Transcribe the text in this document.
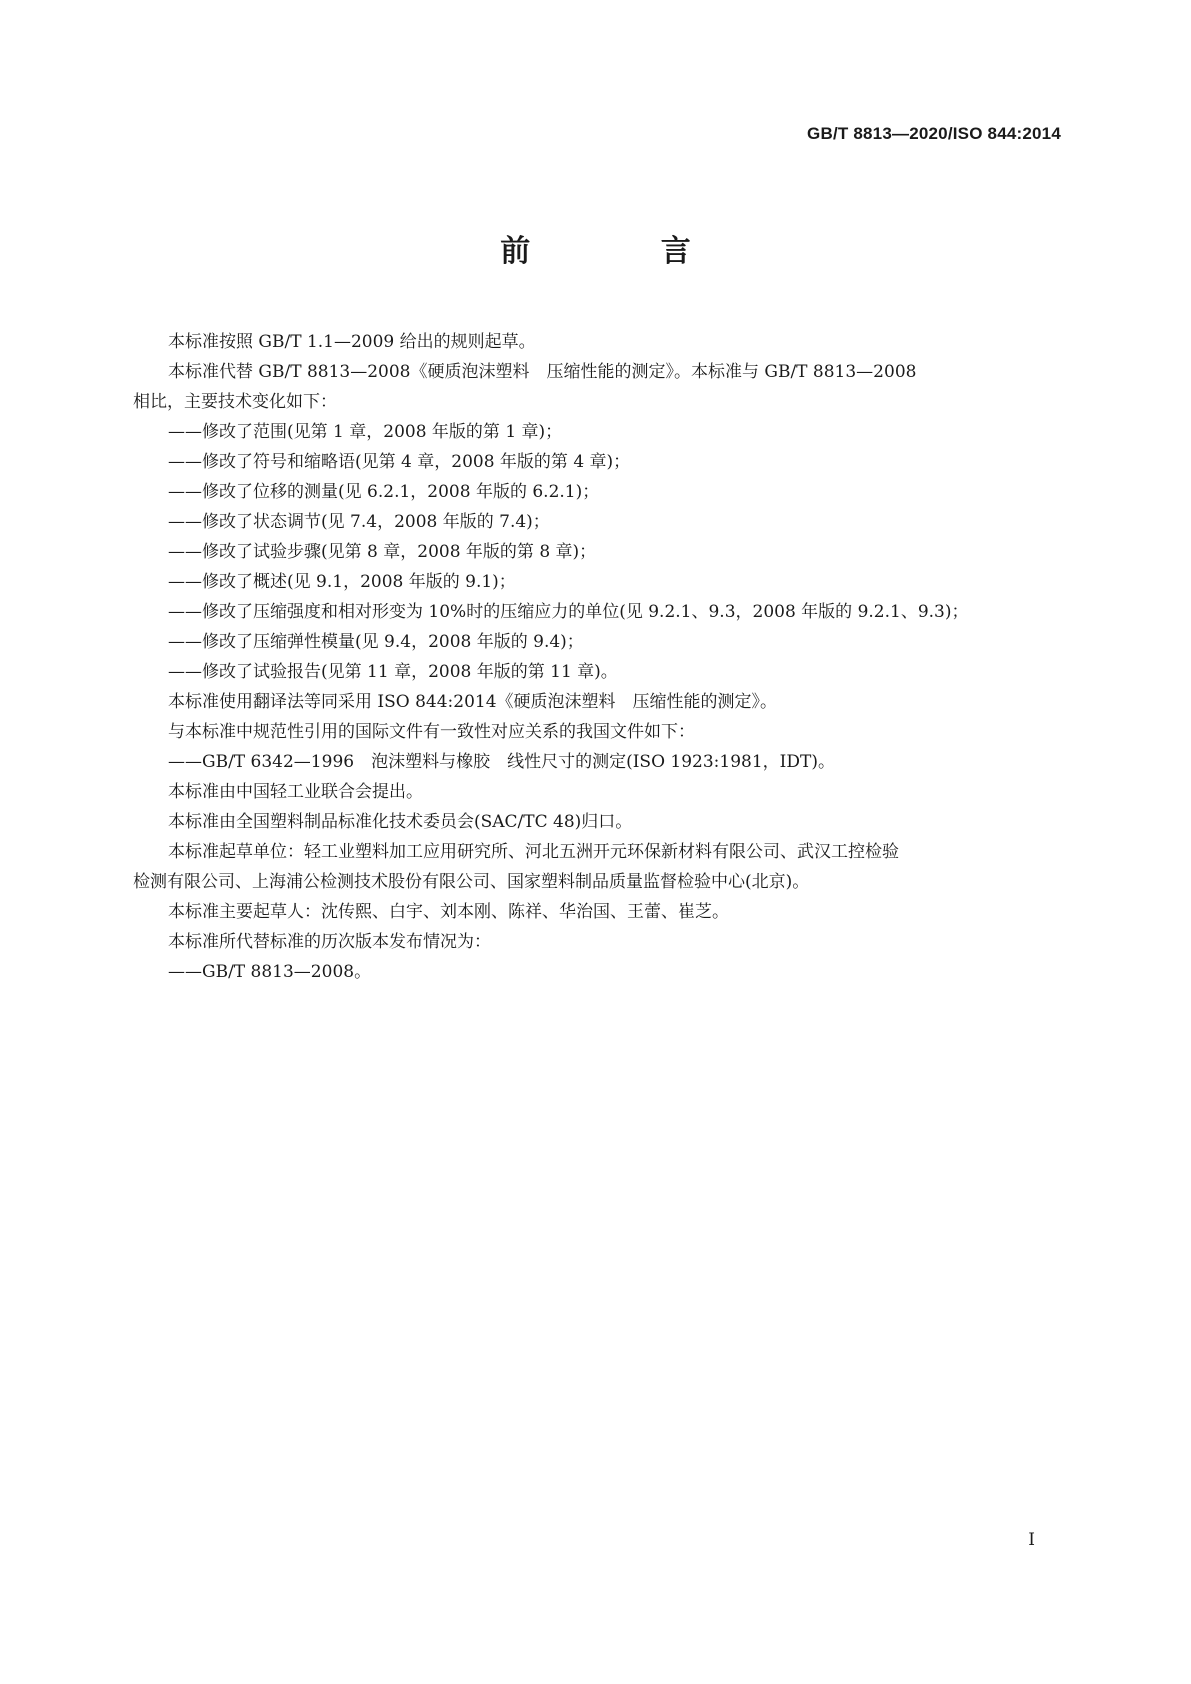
GB/T 8813—2020/ISO 844:2014
前 言
本标准按照 GB/T 1.1—2009 给出的规则起草。
本标准代替 GB/T 8813—2008《硬质泡沫塑料　压缩性能的测定》。本标准与 GB/T 8813—2008
相比，主要技术变化如下：
——修改了范围(见第 1 章，2008 年版的第 1 章)；
——修改了符号和缩略语(见第 4 章，2008 年版的第 4 章)；
——修改了位移的测量(见 6.2.1，2008 年版的 6.2.1)；
——修改了状态调节(见 7.4，2008 年版的 7.4)；
——修改了试验步骤(见第 8 章，2008 年版的第 8 章)；
——修改了概述(见 9.1，2008 年版的 9.1)；
——修改了压缩强度和相对形变为 10%时的压缩应力的单位(见 9.2.1、9.3，2008 年版的 9.2.1、9.3)；
——修改了压缩弹性模量(见 9.4，2008 年版的 9.4)；
——修改了试验报告(见第 11 章，2008 年版的第 11 章)。
本标准使用翻译法等同采用 ISO 844:2014《硬质泡沫塑料　压缩性能的测定》。
与本标准中规范性引用的国际文件有一致性对应关系的我国文件如下：
——GB/T 6342—1996　泡沫塑料与橡胶　线性尺寸的测定(ISO 1923:1981，IDT)。
本标准由中国轻工业联合会提出。
本标准由全国塑料制品标准化技术委员会(SAC/TC 48)归口。
本标准起草单位：轻工业塑料加工应用研究所、河北五洲开元环保新材料有限公司、武汉工控检验
检测有限公司、上海浦公检测技术股份有限公司、国家塑料制品质量监督检验中心(北京)。
本标准主要起草人：沈传熙、白宇、刘本刚、陈祥、华治国、王蕾、崔芝。
本标准所代替标准的历次版本发布情况为：
——GB/T 8813—2008。
I
